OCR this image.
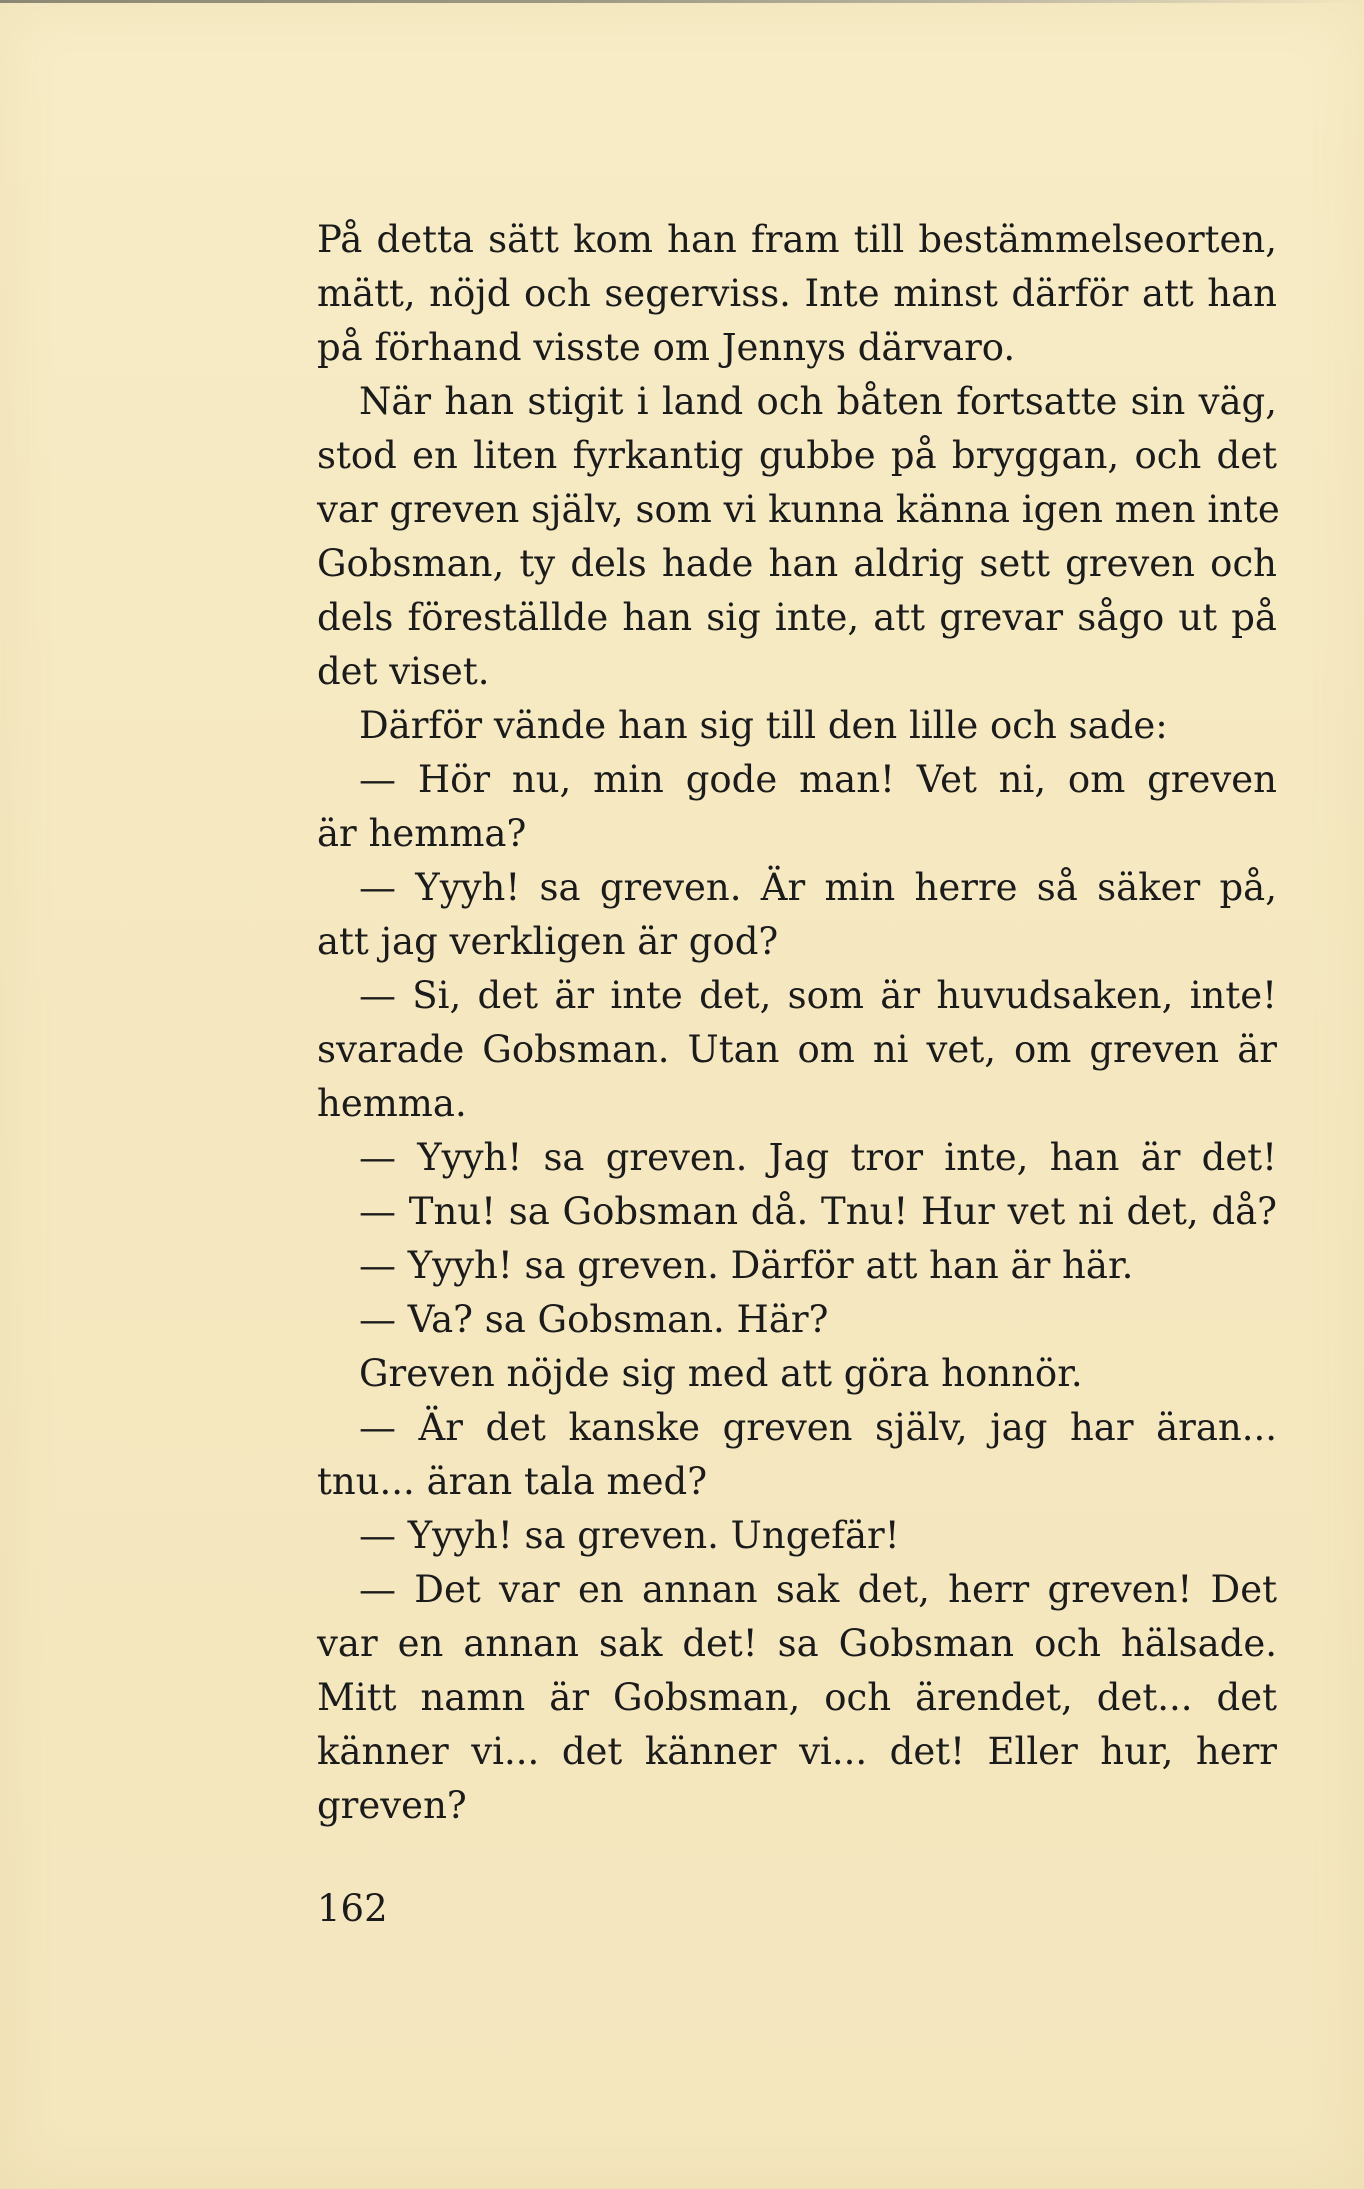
På detta sätt kom han fram till bestämmelseorten,
mätt, nöjd och segerviss. Inte minst därför att han
på förhand visste om Jennys därvaro.
När han stigit i land och båten fortsatte sin väg,
stod en liten fyrkantig gubbe på bryggan, och det
var greven själv, som vi kunna känna igen men inte
Gobsman, ty dels hade han aldrig sett greven och
dels föreställde han sig inte, att grevar sågo ut på
det viset.
Därför vände han sig till den lille och sade:
— Hör nu, min gode man! Vet ni, om greven
är hemma?
— Yyyh! sa greven. Är min herre så säker på,
att jag verkligen är god?
— Si, det är inte det, som är huvudsaken, inte!
svarade Gobsman. Utan om ni vet, om greven är
hemma.
— Yyyh! sa greven. Jag tror inte, han är det!
— Tnu! sa Gobsman då. Tnu! Hur vet ni det, då?
— Yyyh! sa greven. Därför att han är här.
— Va? sa Gobsman. Här?
Greven nöjde sig med att göra honnör.
— Är det kanske greven själv, jag har äran...
tnu... äran tala med?
— Yyyh! sa greven. Ungefär!
— Det var en annan sak det, herr greven! Det
var en annan sak det! sa Gobsman och hälsade.
Mitt namn är Gobsman, och ärendet, det... det
känner vi... det känner vi... det! Eller hur, herr
greven?
162
